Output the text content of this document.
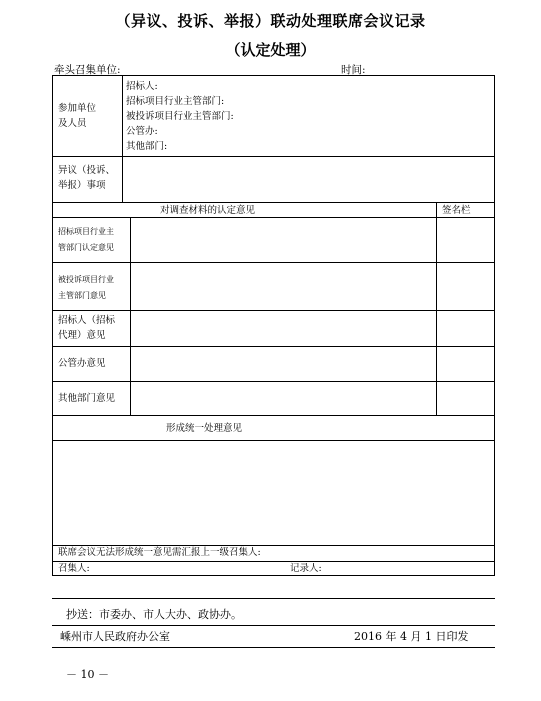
（异议、投诉、举报）联动处理联席会议记录
（认定处理）
牵头召集单位:	时间:
参加单位
及人员
招标人:
招标项目行业主管部门:
被投诉项目行业主管部门:
公管办:
其他部门:
异议（投诉、
举报）事项
对调查材料的认定意见	签名栏
招标项目行业主
管部门认定意见
被投诉项目行业
主管部门意见
招标人（招标
代理）意见
公管办意见
其他部门意见
形成统一处理意见
联席会议无法形成统一意见需汇报上一级召集人:
召集人:	记录人:
抄送：市委办、市人大办、政协办。
嵊州市人民政府办公室	2016 年 4 月 1 日印发
－ 10 －
